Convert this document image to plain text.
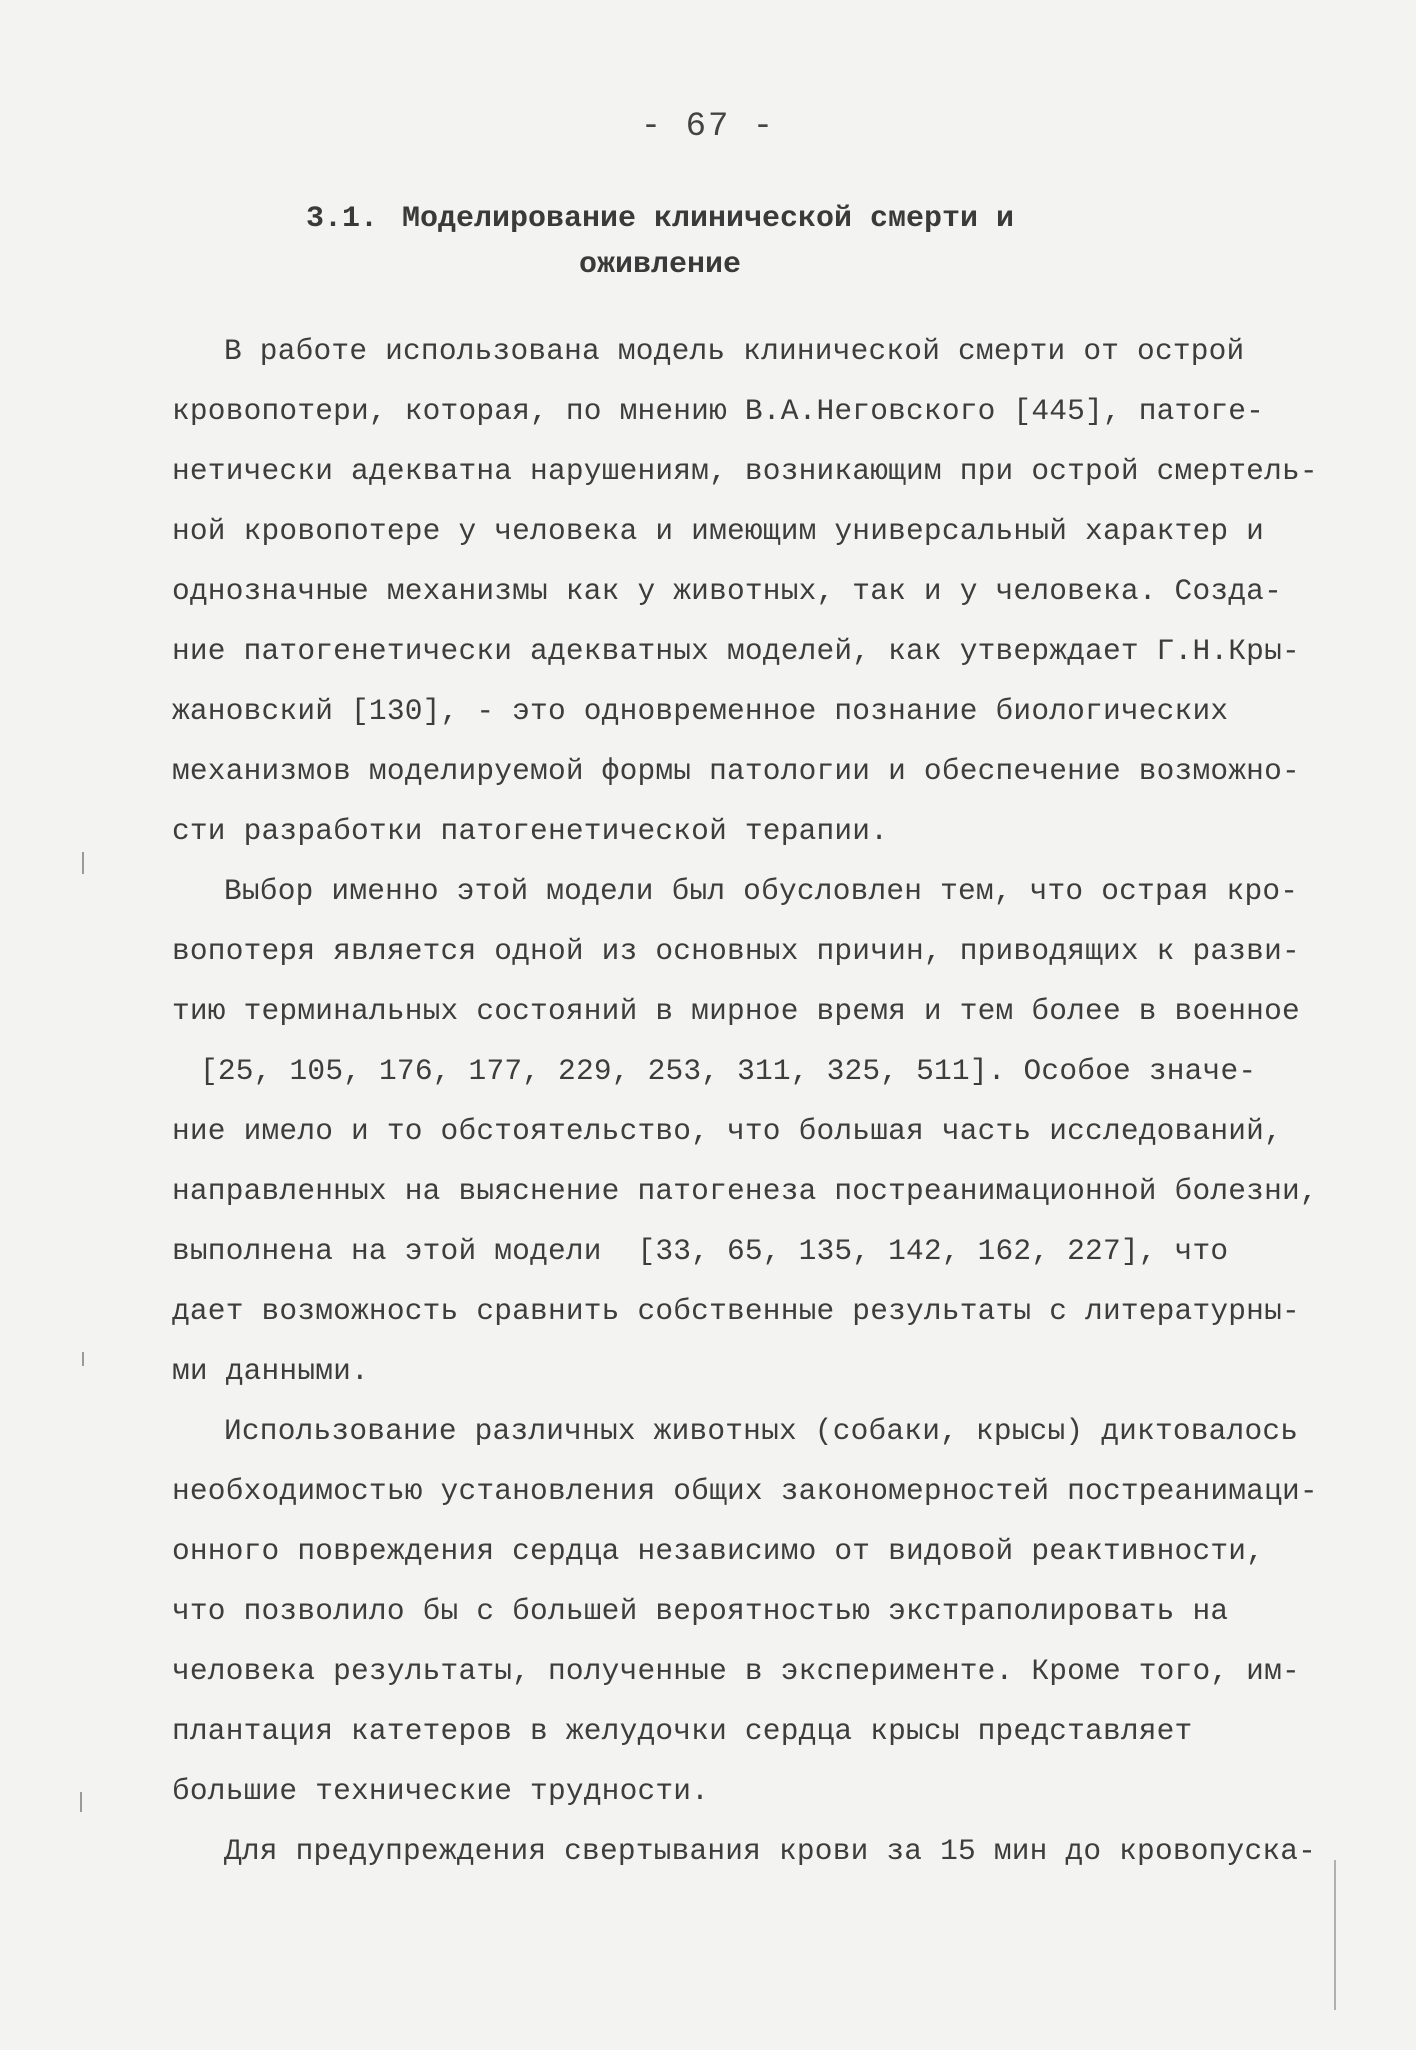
- 67 -
3.1. Моделирование клинической смерти и
оживление
В работе использована модель клинической смерти от острой
кровопотери, которая, по мнению В.А.Неговского [445], патоге-
нетически адекватна нарушениям, возникающим при острой смертель-
ной кровопотере у человека и имеющим универсальный характер и
однозначные механизмы как у животных, так и у человека. Созда-
ние патогенетически адекватных моделей, как утверждает Г.Н.Кры-
жановский [130], - это одновременное познание биологических
механизмов моделируемой формы патологии и обеспечение возможно-
сти разработки патогенетической терапии.
Выбор именно этой модели был обусловлен тем, что острая кро-
вопотеря является одной из основных причин, приводящих к разви-
тию терминальных состояний в мирное время и тем более в военное
[25, 105, 176, 177, 229, 253, 311, 325, 511]. Особое значе-
ние имело и то обстоятельство, что большая часть исследований,
направленных на выяснение патогенеза постреанимационной болезни,
выполнена на этой модели  [33, 65, 135, 142, 162, 227], что
дает возможность сравнить собственные результаты с литературны-
ми данными.
Использование различных животных (собаки, крысы) диктовалось
необходимостью установления общих закономерностей постреанимаци-
онного повреждения сердца независимо от видовой реактивности,
что позволило бы с большей вероятностью экстраполировать на
человека результаты, полученные в эксперименте. Кроме того, им-
плантация катетеров в желудочки сердца крысы представляет
большие технические трудности.
Для предупреждения свертывания крови за 15 мин до кровопуска-
